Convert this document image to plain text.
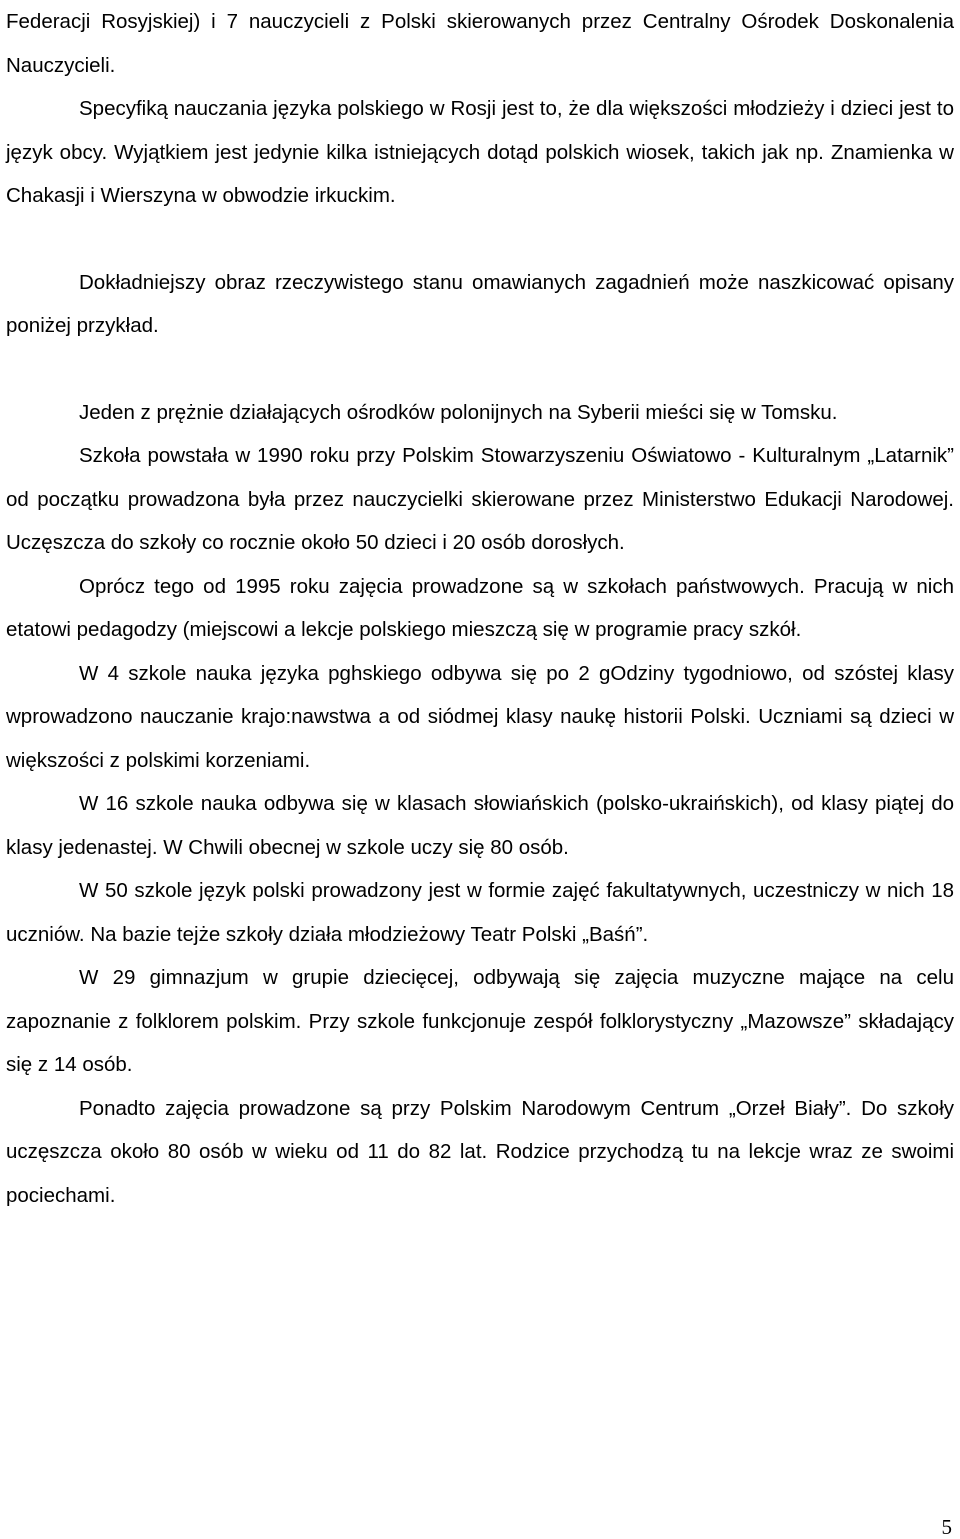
Federacji Rosyjskiej) i 7 nauczycieli z Polski skierowanych przez Centralny Ośrodek Doskonalenia Nauczycieli.

Specyfiką nauczania języka polskiego w Rosji jest to, że dla większości młodzieży i dzieci jest to język obcy. Wyjątkiem jest jedynie kilka istniejących dotąd polskich wiosek, takich jak np. Znamienka w Chakasji i Wierszyna w obwodzie irkuckim.

Dokładniejszy obraz rzeczywistego stanu omawianych zagadnień może naszkicować opisany poniżej przykład.

Jeden z prężnie działających ośrodków polonijnych na Syberii mieści się w Tomsku.

Szkoła powstała w 1990 roku przy Polskim Stowarzyszeniu Oświatowo - Kulturalnym „Latarnik” od początku prowadzona była przez nauczycielki skierowane przez Ministerstwo Edukacji Narodowej. Uczęszcza do szkoły co rocznie około 50 dzieci i 20 osób dorosłych.

Oprócz tego od 1995 roku zajęcia prowadzone są w szkołach państwowych. Pracują w nich etatowi pedagodzy (miejscowi a lekcje polskiego mieszczą się w programie pracy szkół.

W 4 szkole nauka języka pghskiego odbywa się po 2 gOdziny tygodniowo, od szóstej klasy wprowadzono nauczanie krajo:nawstwa a od siódmej klasy naukę historii Polski. Uczniami są dzieci w większości z polskimi korzeniami.

W 16 szkole nauka odbywa się w klasach słowiańskich (polsko-ukraińskich), od klasy piątej do klasy jedenastej. W Chwili obecnej w szkole uczy się 80 osób.

W 50 szkole język polski prowadzony jest w formie zajęć fakultatywnych, uczestniczy w nich 18 uczniów. Na bazie tejże szkoły działa młodzieżowy Teatr Polski „Baśń”.

W 29 gimnazjum w grupie dziecięcej, odbywają się zajęcia muzyczne mające na celu zapoznanie z folklorem polskim. Przy szkole funkcjonuje zespół folklorystyczny „Mazowsze” składający się z 14 osób.

Ponadto zajęcia prowadzone są przy Polskim Narodowym Centrum „Orzeł Biały”. Do szkoły uczęszcza około 80 osób w wieku od 11 do 82 lat. Rodzice przychodzą tu na lekcje wraz ze swoimi pociechami.

5
